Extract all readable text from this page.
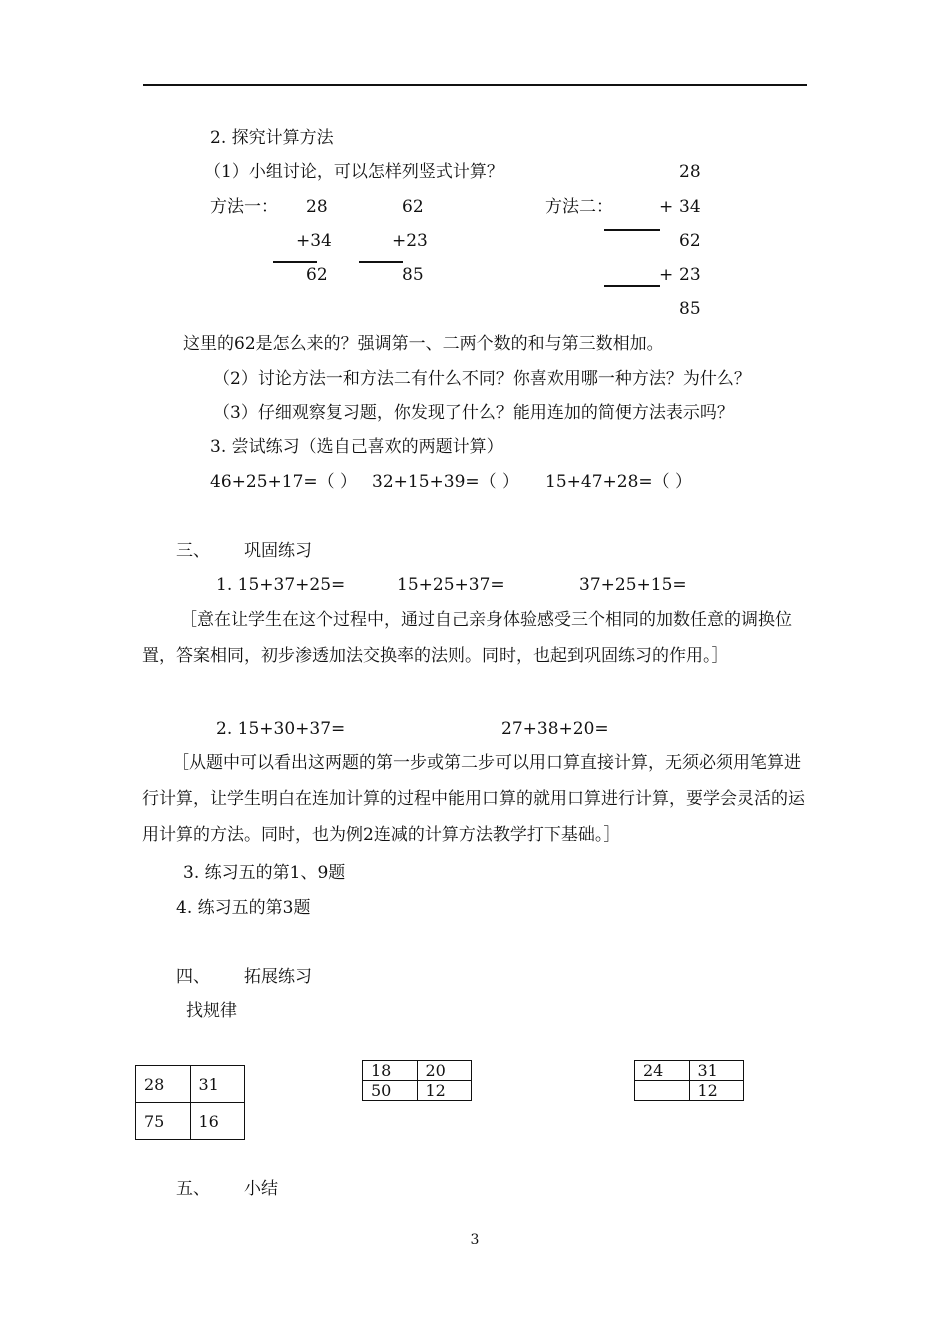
2. 探究计算方法
（1）小组讨论，可以怎样列竖式计算？
方法一： 28
+34
62
62
+23
85
方法二：
28
+ 34
62
+ 23
85
这里的62是怎么来的？强调第一、二两个数的和与第三数相加。
（2）讨论方法一和方法二有什么不同？你喜欢用哪一种方法？为什么？
（3）仔细观察复习题，你发现了什么？能用连加的简便方法表示吗？
3. 尝试练习（选自己喜欢的两题计算）
46+25+17=（ ） 32+15+39=（ ） 15+47+28=（ ）
三、 巩固练习
1. 15+37+25=	15+25+37=	37+25+15=
［意在让学生在这个过程中，通过自己亲身体验感受三个相同的加数任意的调换位置，答案相同，初步渗透加法交换率的法则。同时，也起到巩固练习的作用。］
2. 15+30+37=	27+38+20=
［从题中可以看出这两题的第一步或第二步可以用口算直接计算，无须必须用笔算进行计算，让学生明白在连加计算的过程中能用口算的就用口算进行计算，要学会灵活的运用计算的方法。同时，也为例2连减的计算方法教学打下基础。］
3. 练习五的第1、9题
4. 练习五的第3题
四、 拓展练习
找规律
28	31
75	16
18	20
50	12
24	31
	12
五、 小结
3
